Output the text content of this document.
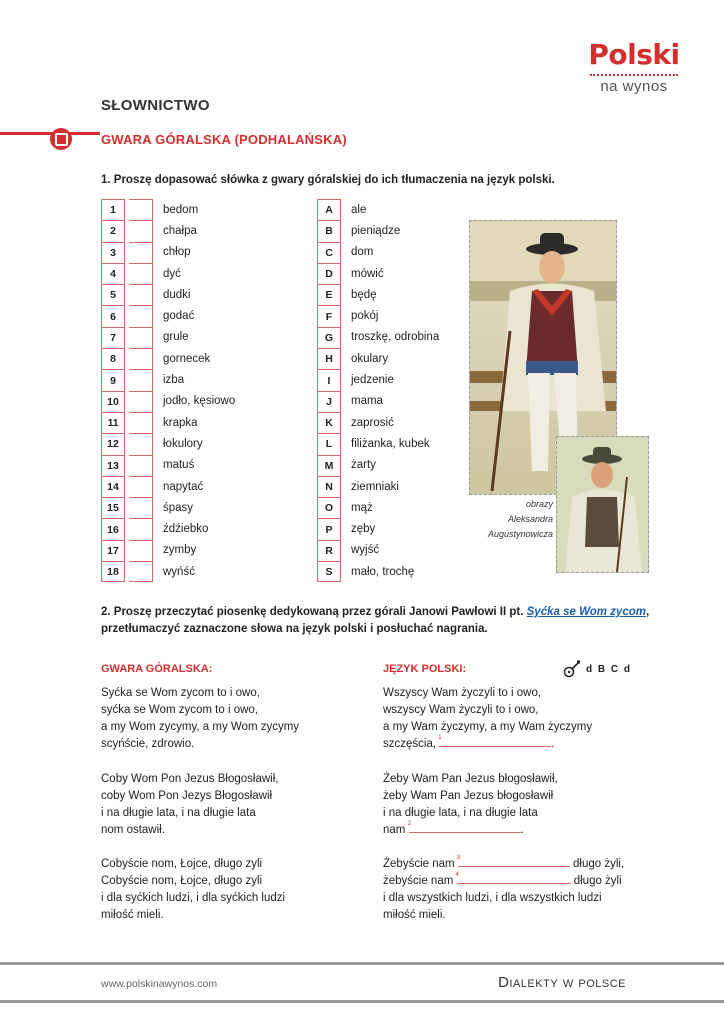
Polski
na wynos
SŁOWNICTWO
GWARA GÓRALSKA (PODHALAŃSKA)
1. Proszę dopasować słówka z gwary góralskiej do ich tłumaczenia na język polski.
1	bedom
2	chałpa
3	chłop
4	dyć
5	dudki
6	godać
7	grule
8	gornecek
9	izba
10	jodło, kęsiowo
11	krapka
12	łokulory
13	matuś
14	napytać
15	śpasy
16	źdźiebko
17	zymby
18	wyńść
A	ale
B	pieniądze
C	dom
D	mówić
E	będę
F	pokój
G	troszkę, odrobina
H	okulary
I	jedzenie
J	mama
K	zaprosić
L	filiżanka, kubek
M	żarty
N	ziemniaki
O	mąż
P	zęby
R	wyjść
S	mało, trochę
obrazy
Aleksandra
Augustynowicza
2. Proszę przeczytać piosenkę dedykowaną przez górali Janowi Pawłowi II pt. Syćka se Wom zycom,
przetłumaczyć zaznaczone słowa na język polski i posłuchać nagrania.
GWARA GÓRALSKA:	JĘZYK POLSKI:	d B C d
Syćka se Wom zycom to i owo,
syćka se Wom zycom to i owo,
a my Wom zycymy, a my Wom zycymy
scyńście, zdrowio.
Coby Wom Pon Jezus Błogosławił,
coby Wom Pon Jezys Błogosławił
i na długie lata, i na długie lata
nom ostawił.
Cobyście nom, Łojce, długo zyli
Cobyście nom, Łojce, długo zyli
i dla syćkich ludzi, i dla syćkich ludzi
miłość mieli.
Wszyscy Wam życzyli to i owo,
wszyscy Wam życzyli to i owo,
a my Wam życzymy, a my Wam życzymy
szczęścia, 1	.
Żeby Wam Pan Jezus błogosławił,
żeby Wam Pan Jezus błogosławił
i na długie lata, i na długie lata
nam 2	.
Żebyście nam 3	długo żyli,
żebyście nam 4	długo żyli
i dla wszystkich ludzi, i dla wszystkich ludzi
miłość mieli.
www.polskinawynos.com	Dialekty w polsce
